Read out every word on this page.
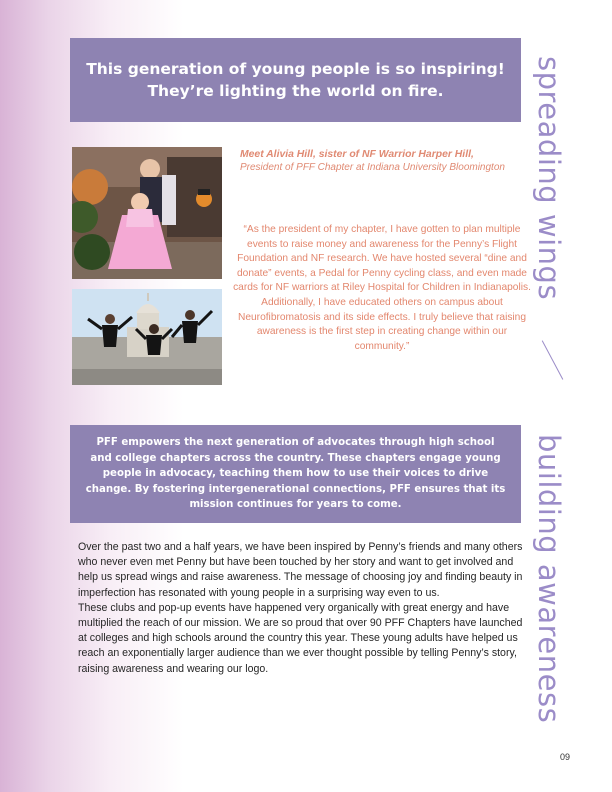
This generation of young people is so inspiring! They’re lighting the world on fire.	spreading wings
building awareness
Meet Alivia Hill, sister of NF Warrior Harper Hill,
President of PFF Chapter at Indiana University Bloomington
“As the president of my chapter, I have gotten to plan multiple events to raise money and awareness for the Penny’s Flight Foundation and NF research. We have hosted several “dine and donate” events, a Pedal for Penny cycling class, and even made cards for NF warriors at Riley Hospital for Children in Indianapolis. Additionally, I have educated others on campus about Neurofibromatosis and its side effects. I truly believe that raising awareness is the first step in creating change within our community.”
PFF empowers the next generation of advocates through high school and college chapters across the country. These chapters engage young people in advocacy, teaching them how to use their voices to drive change. By fostering intergenerational connections, PFF ensures that its mission continues for years to come.

Over the past two and a half years, we have been inspired by Penny’s friends and many others who never even met Penny but have been touched by her story and want to get involved and help us spread wings and raise awareness. The message of choosing joy and finding beauty in imperfection has resonated with young people in a surprising way even to us.

These clubs and pop-up events have happened very organically with great energy and have multiplied the reach of our mission. We are so proud that over 90 PFF Chapters have launched at colleges and high schools around the country this year. These young adults have helped us reach an exponentially larger audience than we ever thought possible by telling Penny’s story, raising awareness and wearing our logo.

09
